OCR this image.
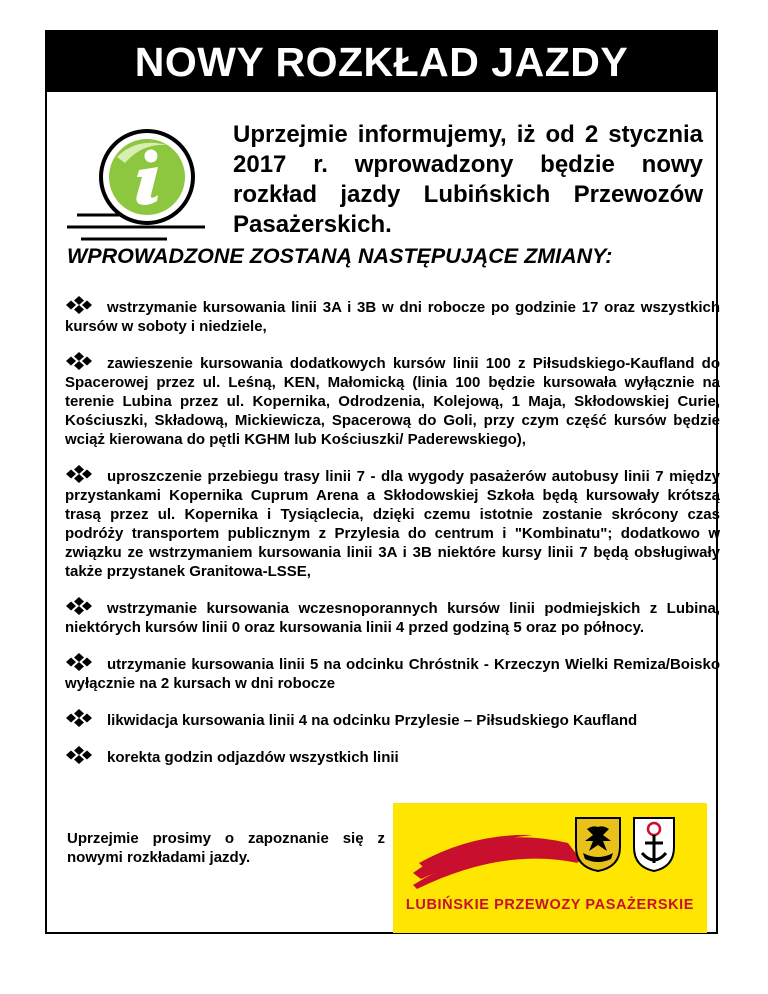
NOWY ROZKŁAD JAZDY

Uprzejmie informujemy, iż od 2 stycznia 2017 r. wprowadzony będzie nowy rozkład jazdy Lubińskich Przewozów Pasażerskich.

WPROWADZONE ZOSTANĄ NASTĘPUJĄCE ZMIANY:
wstrzymanie kursowania linii 3A i 3B w dni robocze po godzinie 17 oraz wszystkich kursów w soboty i niedziele,
zawieszenie kursowania dodatkowych kursów linii 100 z Piłsudskiego-Kaufland do Spacerowej przez ul. Leśną, KEN, Małomicką (linia 100 będzie kursowała wyłącznie na terenie Lubina przez ul. Kopernika, Odrodzenia, Kolejową, 1 Maja, Skłodowskiej Curie, Kościuszki, Składową, Mickiewicza, Spacerową do Goli, przy czym część kursów będzie wciąż kierowana do pętli KGHM lub Kościuszki/ Paderewskiego),
uproszczenie przebiegu trasy linii 7 - dla wygody pasażerów autobusy linii 7 między przystankami Kopernika Cuprum Arena a Skłodowskiej Szkoła będą kursowały krótszą trasą przez ul. Kopernika i Tysiąclecia, dzięki czemu istotnie zostanie skrócony czas podróży transportem publicznym z Przylesia do centrum i "Kombinatu"; dodatkowo w związku ze wstrzymaniem kursowania linii 3A i 3B niektóre kursy linii 7 będą obsługiwały także przystanek Granitowa-LSSE,
wstrzymanie kursowania wczesnoporannych kursów linii podmiejskich z Lubina, niektórych kursów linii 0 oraz kursowania linii 4 przed godziną 5 oraz po północy.
utrzymanie kursowania linii 5 na odcinku Chróstnik - Krzeczyn Wielki Remiza/Boisko wyłącznie na 2 kursach w dni robocze
likwidacja kursowania linii 4 na odcinku Przylesie – Piłsudskiego Kaufland
korekta godzin odjazdów wszystkich linii
Uprzejmie prosimy o zapoznanie się z nowymi rozkładami jazdy.
LUBIŃSKIE PRZEWOZY PASAŻERSKIE
